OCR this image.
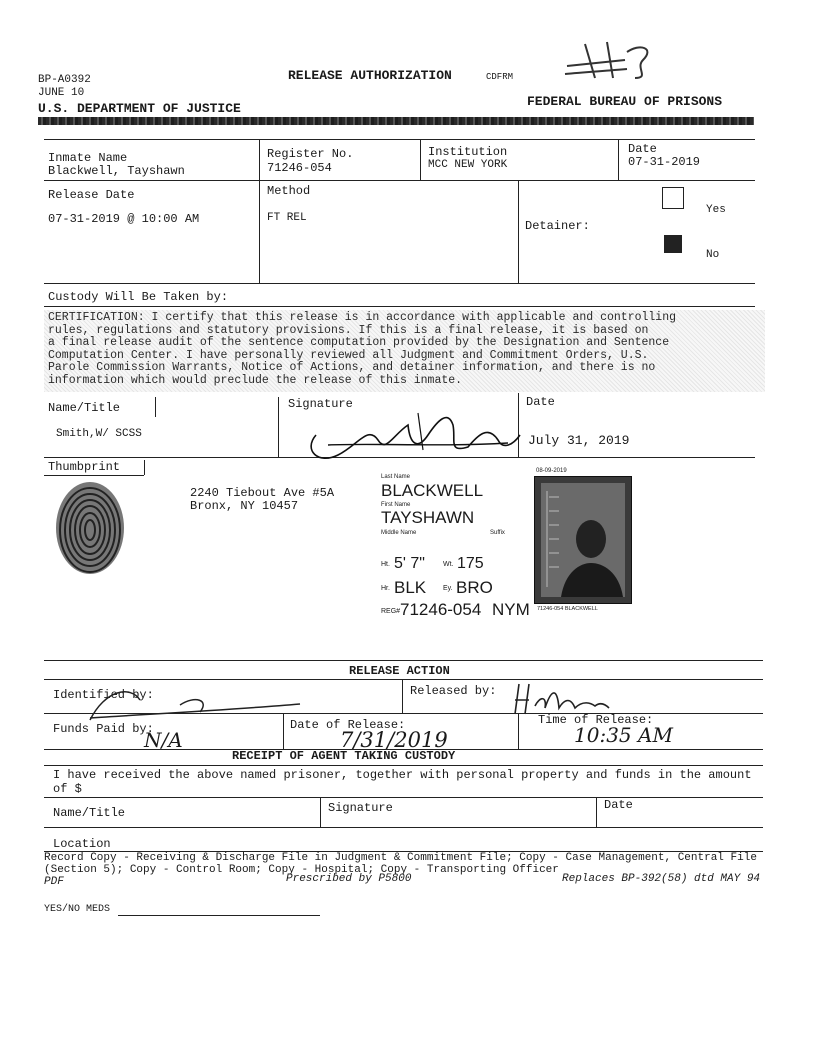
BP-A0392
JUNE 10
RELEASE AUTHORIZATION	CDFRM
U.S. DEPARTMENT OF JUSTICE	FEDERAL BUREAU OF PRISONS
Inmate Name
Blackwell, Tayshawn
Register No.
71246-054
Institution
MCC NEW YORK
Date
07-31-2019
Release Date
07-31-2019 @ 10:00 AM
Method
FT REL
Detainer:
Yes
No
Custody Will Be Taken by:
CERTIFICATION: I certify that this release is in accordance with applicable and controlling
rules, regulations and statutory provisions. If this is a final release, it is based on
a final release audit of the sentence computation provided by the Designation and Sentence
Computation Center. I have personally reviewed all Judgment and Commitment Orders, U.S.
Parole Commission Warrants, Notice of Actions, and detainer information, and there is no
information which would preclude the release of this inmate.
Name/Title
Smith,W/ SCSS
Signature	Date
July 31, 2019
Thumbprint
2240 Tiebout Ave #5A
Bronx, NY 10457
Last Name
BLACKWELL
First Name
TAYSHAWN
Middle Name	Suffix
Ht. 5' 7"	Wt. 175
Hr. BLK Ey. BRO
REG# 71246-054 NYM
08-09-2019
71246-054 BLACKWELL
RELEASE ACTION
Identified by:	Released by:
Funds Paid by:
N/A
Date of Release:
7/31/2019
Time of Release:
10:35 AM
RECEIPT OF AGENT TAKING CUSTODY
I have received the above named prisoner, together with personal property and funds in the amount
of $
Name/Title	Signature	Date
Location
Record Copy - Receiving & Discharge File in Judgment & Commitment File; Copy - Case Management, Central File
(Section 5); Copy - Control Room; Copy - Hospital; Copy - Transporting Officer
PDF	Prescribed by P5800	Replaces BP-392(58) dtd MAY 94
YES/NO MEDS
